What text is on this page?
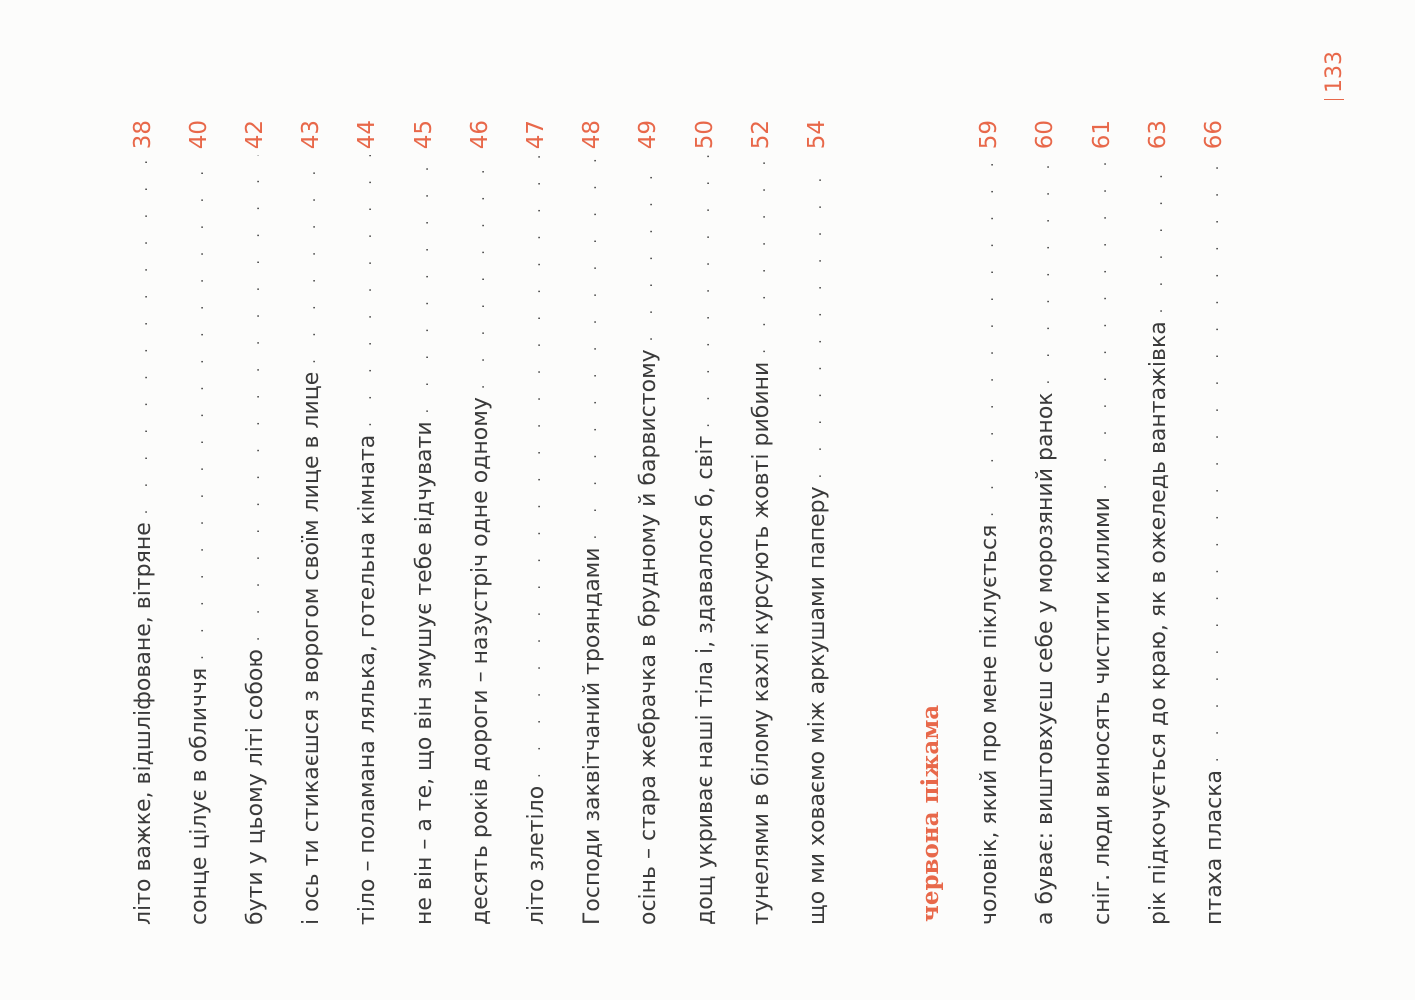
літо важке, відшліфоване, вітряне
. . .
38
сонце цілує в обличчя
. . .
40
бути у цьому літі собою
. . .
42
і ось ти стикаєшся з ворогом своїм лице в лице
. . .
43
тіло – поламана лялька, готельна кімната
. . .
44
не він – а те, що він змушує тебе відчувати
. . .
45
десять років дороги – назустріч одне одному
. . .
46
літо злетіло
. . .
47
Господи заквітчаний трояндами
. . .
48
осінь – стара жебрачка в брудному й барвистому
. . .
49
дощ укриває наші тіла і, здавалося б, світ
. . .
50
тунелями в білому кахлі курсують жовті рибини
. . .
52
що ми ховаємо між аркушами паперу
. . .
54
червона піжама чоловік, який про мене піклується
. . .
59
а буває: виштовхуєш себе у морозяний ранок
. . .
60
сніг. люди виносять чистити килими
. . .
61
рік підкочується до краю, як в ожеледь вантажівка
. . .
63
птаха пласка
. . .
66
133
